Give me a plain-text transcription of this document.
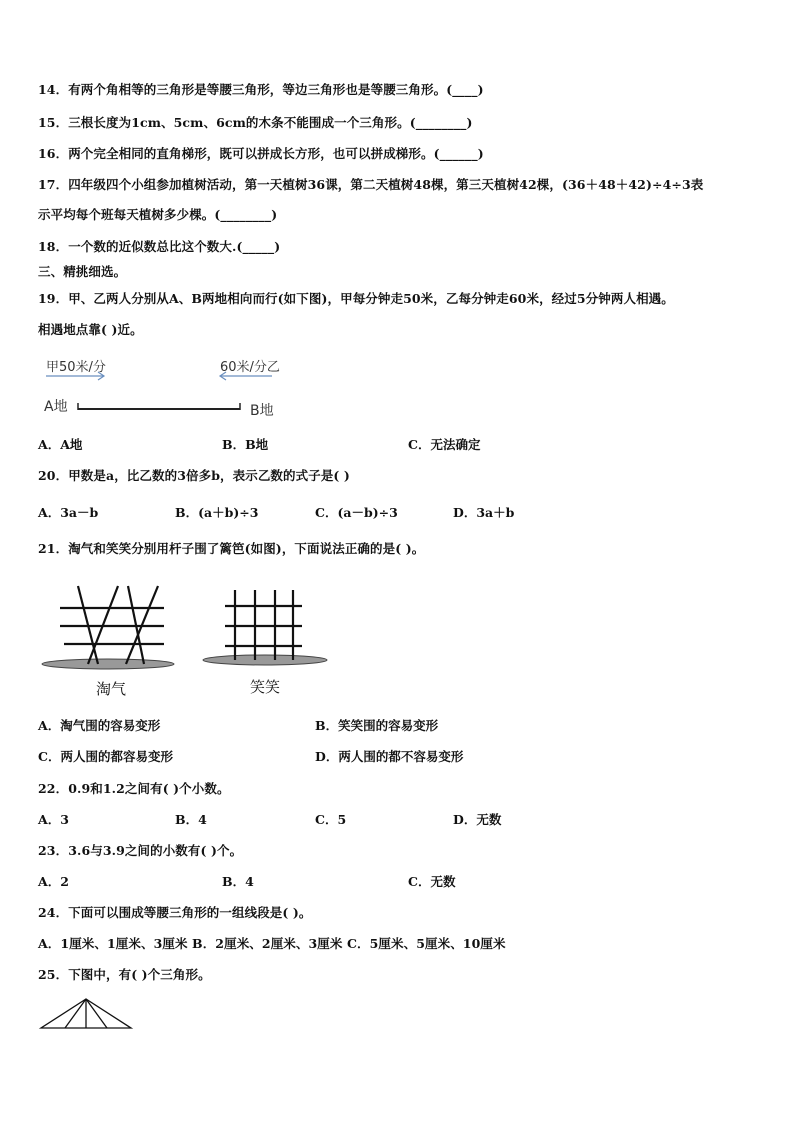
14．有两个角相等的三角形是等腰三角形，等边三角形也是等腰三角形。(____)
15．三根长度为1cm、5cm、6cm的木条不能围成一个三角形。(________)
16．两个完全相同的直角梯形，既可以拼成长方形，也可以拼成梯形。(______)
17．四年级四个小组参加植树活动，第一天植树36课，第二天植树48棵，第三天植树42棵，(36＋48＋42)÷4÷3表
示平均每个班每天植树多少棵。(________)
18．一个数的近似数总比这个数大.(_____)
三、精挑细选。
19．甲、乙两人分别从A、B两地相向而行(如下图)，甲每分钟走50米，乙每分钟走60米，经过5分钟两人相遇。
相遇地点靠( )近。
甲50米/分	60米/分乙
A地	B地
A．A地	B．B地	C．无法确定
20．甲数是a，比乙数的3倍多b，表示乙数的式子是( )
A．3a－b	B．(a＋b)÷3	C．(a－b)÷3	D．3a＋b
21．淘气和笑笑分别用杆子围了篱笆(如图)，下面说法正确的是( )。
淘气	笑笑
A．淘气围的容易变形	B．笑笑围的容易变形
C．两人围的都容易变形	D．两人围的都不容易变形
22．0.9和1.2之间有( )个小数。
A．3	B．4	C．5	D．无数
23．3.6与3.9之间的小数有( )个。
A．2	B．4	C．无数
24．下面可以围成等腰三角形的一组线段是( )。
A．1厘米、1厘米、3厘米 B．2厘米、2厘米、3厘米 C．5厘米、5厘米、10厘米
25．下图中，有( )个三角形。
